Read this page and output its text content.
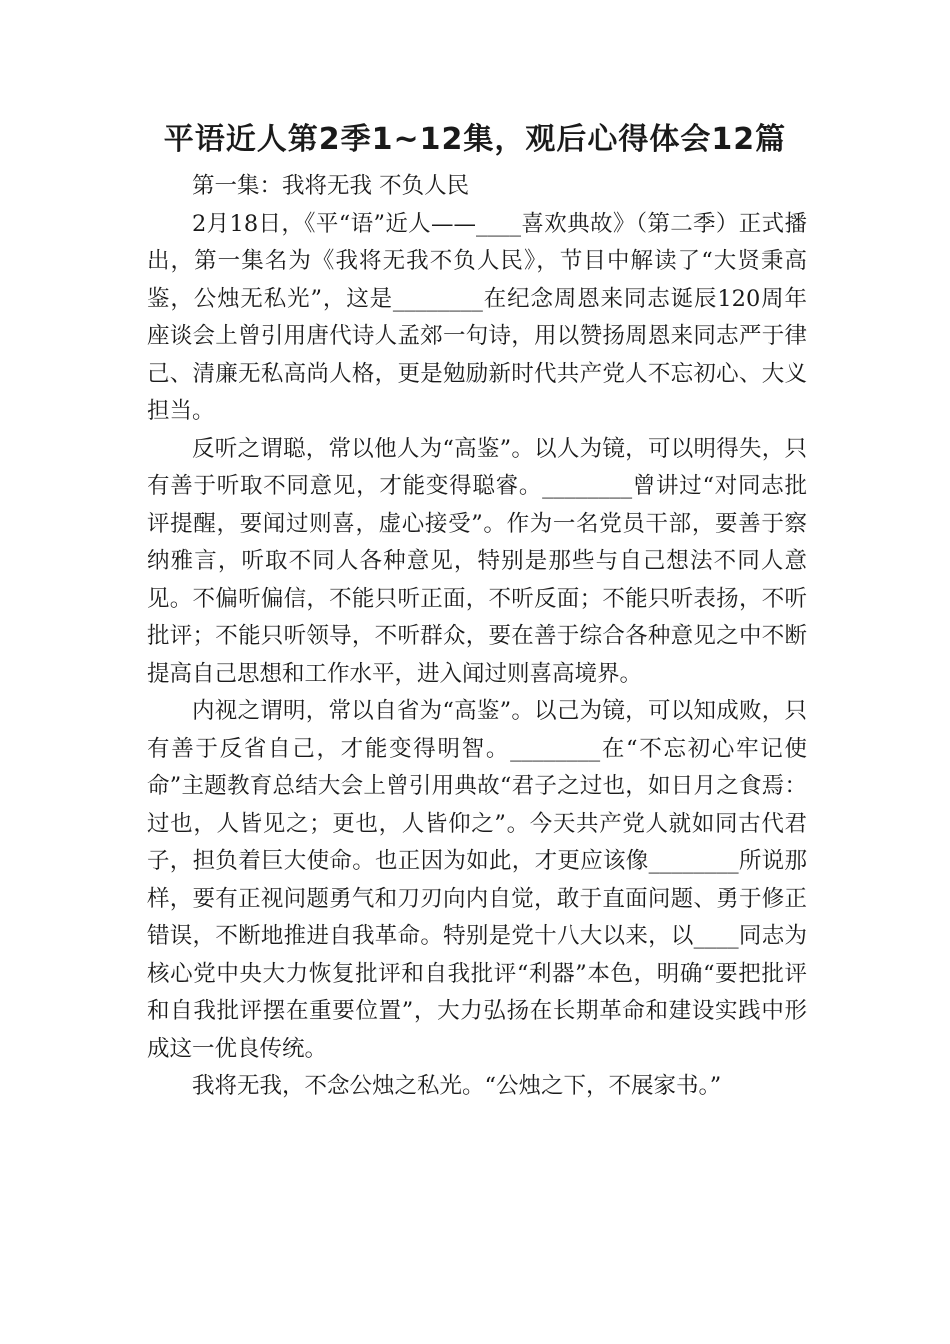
平语近人第2季1~12集，观后心得体会12篇

第一集：我将无我 不负人民

2月18日，《平“语”近人——____喜欢典故》（第二季）正式播出，第一集名为《我将无我不负人民》，节目中解读了“大贤秉高鉴，公烛无私光”，这是________在纪念周恩来同志诞辰120周年座谈会上曾引用唐代诗人孟郊一句诗，用以赞扬周恩来同志严于律己、清廉无私高尚人格，更是勉励新时代共产党人不忘初心、大义担当。

反听之谓聪，常以他人为“高鉴”。以人为镜，可以明得失，只有善于听取不同意见，才能变得聪睿。________曾讲过“对同志批评提醒，要闻过则喜，虚心接受”。作为一名党员干部，要善于察纳雅言，听取不同人各种意见，特别是那些与自己想法不同人意见。不偏听偏信，不能只听正面，不听反面；不能只听表扬，不听批评；不能只听领导，不听群众，要在善于综合各种意见之中不断提高自己思想和工作水平，进入闻过则喜高境界。

内视之谓明，常以自省为“高鉴”。以己为镜，可以知成败，只有善于反省自己，才能变得明智。________在“不忘初心牢记使命”主题教育总结大会上曾引用典故“君子之过也，如日月之食焉：过也，人皆见之；更也，人皆仰之”。今天共产党人就如同古代君子，担负着巨大使命。也正因为如此，才更应该像________所说那样，要有正视问题勇气和刀刃向内自觉，敢于直面问题、勇于修正错误，不断地推进自我革命。特别是党十八大以来，以____同志为核心党中央大力恢复批评和自我批评“利器”本色，明确“要把批评和自我批评摆在重要位置”，大力弘扬在长期革命和建设实践中形成这一优良传统。

我将无我，不念公烛之私光。“公烛之下，不展家书。”
